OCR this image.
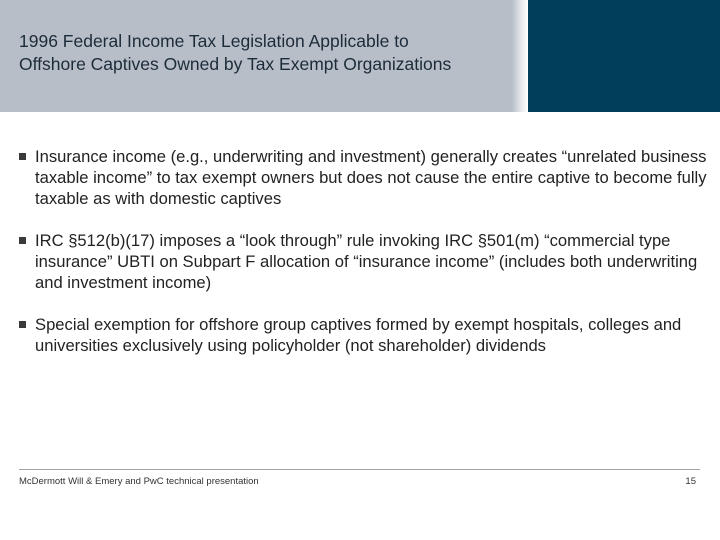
1996 Federal Income Tax Legislation Applicable to
Offshore Captives Owned by Tax Exempt Organizations
Insurance income (e.g., underwriting and investment) generally creates “unrelated business taxable income” to tax exempt owners but does not cause the entire captive to become fully taxable as with domestic captives
IRC §512(b)(17) imposes a “look through” rule invoking IRC §501(m) “commercial type insurance” UBTI on Subpart F allocation of “insurance income” (includes both underwriting and investment income)
Special exemption for offshore group captives formed by exempt hospitals, colleges and universities exclusively using policyholder (not shareholder) dividends
McDermott Will & Emery and PwC technical presentation	15
